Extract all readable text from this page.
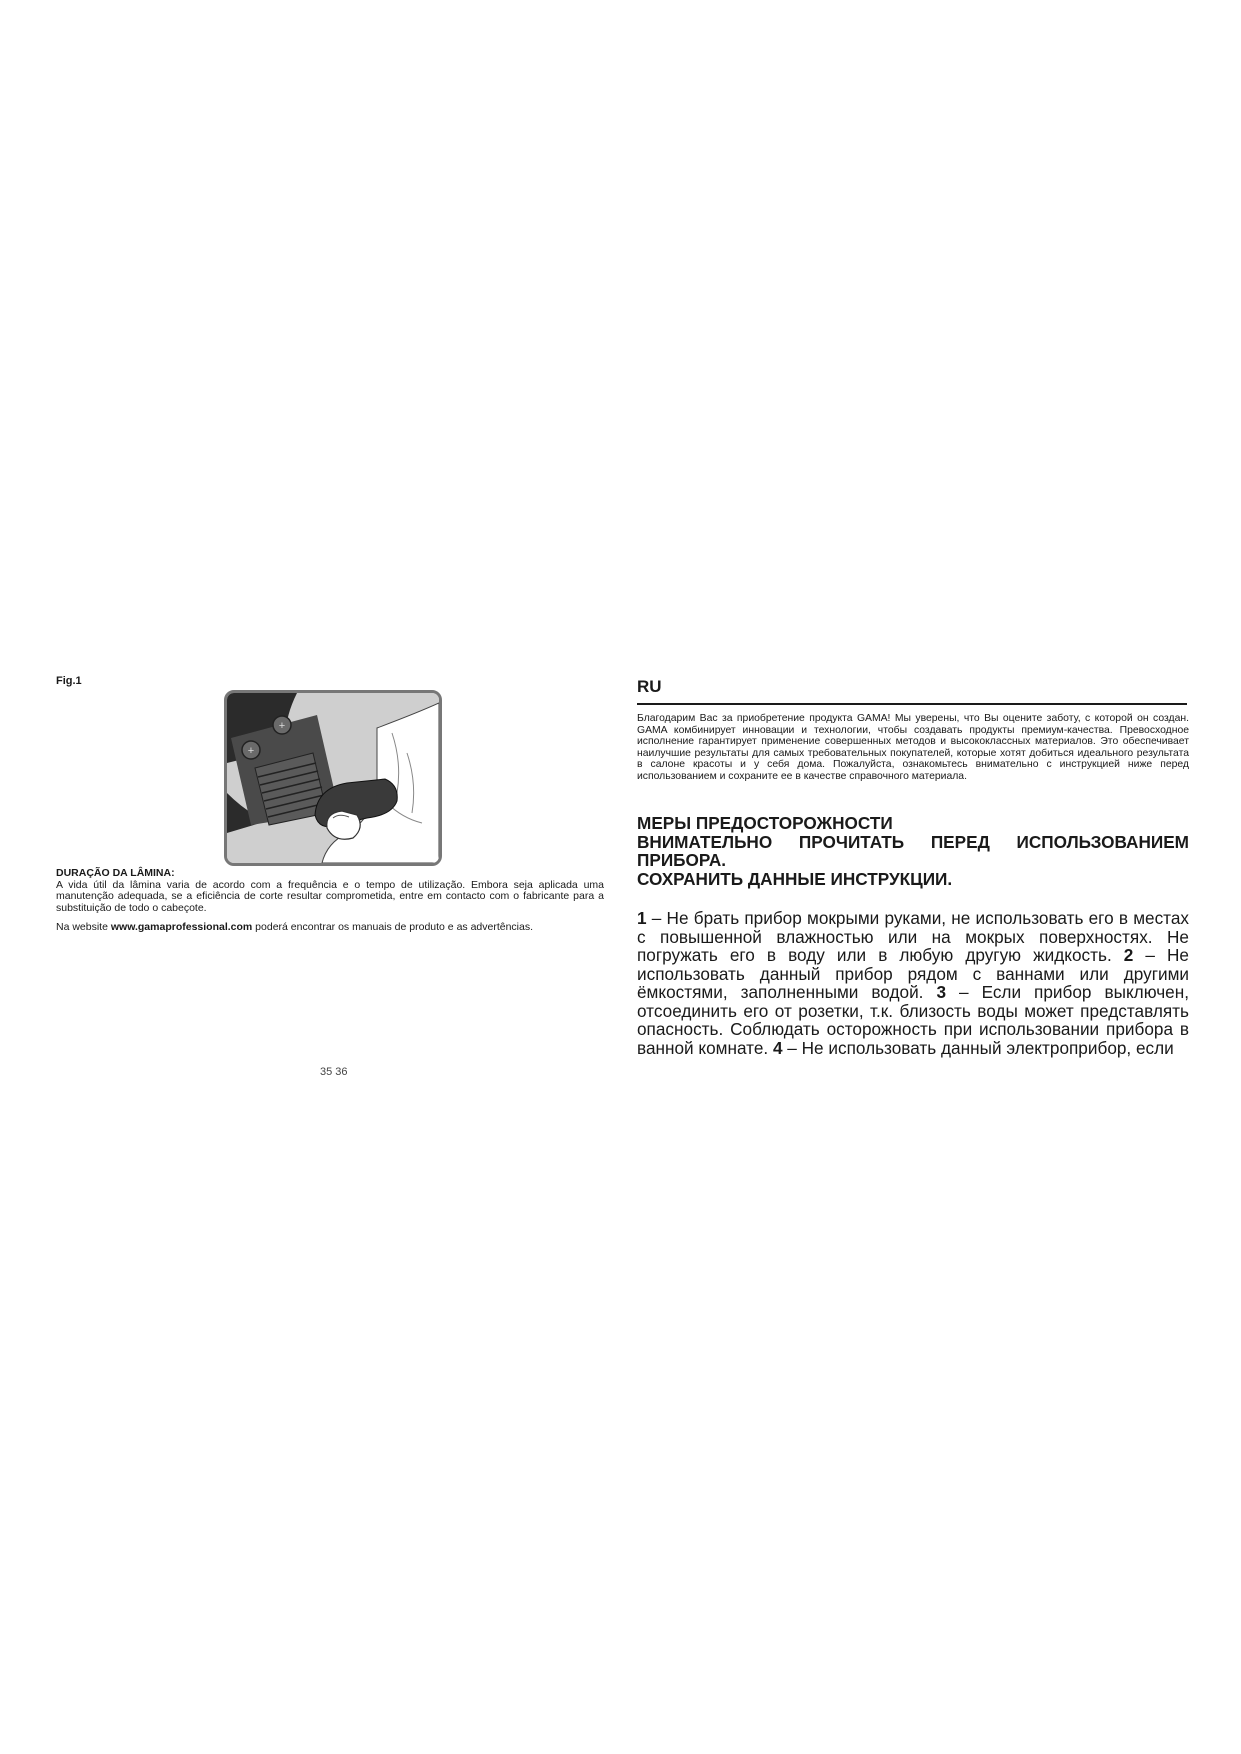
Fig.1
+
+
DURAÇÃO DA LÂMINA:
A vida útil da lâmina varia de acordo com a frequência e o tempo de utilização. Embora seja aplicada uma manutenção adequada, se a eficiência de corte resultar comprometida, entre em contacto com o fabricante para a substituição de todo o cabeçote.
Na website www.gamaprofessional.com poderá encontrar os manuais de produto e as advertências.
35 36
RU
Благодарим Вас за приобретение продукта GAMA! Мы уверены, что Вы оцените заботу, с которой он создан. GAMA комбинирует инновации и технологии, чтобы создавать продукты премиум-качества. Превосходное исполнение гарантирует применение совершенных методов и высококлассных материалов. Это обеспечивает наилучшие результаты для самых требовательных покупателей, которые хотят добиться идеального результата в салоне красоты и у себя дома. Пожалуйста, ознакомьтесь внимательно с инструкцией ниже перед использованием и сохраните ее в качестве справочного материала.
МЕРЫ ПРЕДОСТОРОЖНОСТИ
ВНИМАТЕЛЬНО ПРОЧИТАТЬ ПЕРЕД ИСПОЛЬЗОВАНИЕМ
ПРИБОРА.
СОХРАНИТЬ ДАННЫЕ ИНСТРУКЦИИ.
1 – Не брать прибор мокрыми руками, не использовать его в местах с повышенной влажностью или на мокрых поверхностях. Не погружать его в воду или в любую другую жидкость. 2 – Не использовать данный прибор рядом с ваннами или другими ёмкостями, заполненными водой. 3 – Если прибор выключен, отсоединить его от розетки, т.к. близость воды может представлять опасность. Соблюдать осторожность при использовании прибора в ванной комнате. 4 – Не использовать данный электроприбор, если
